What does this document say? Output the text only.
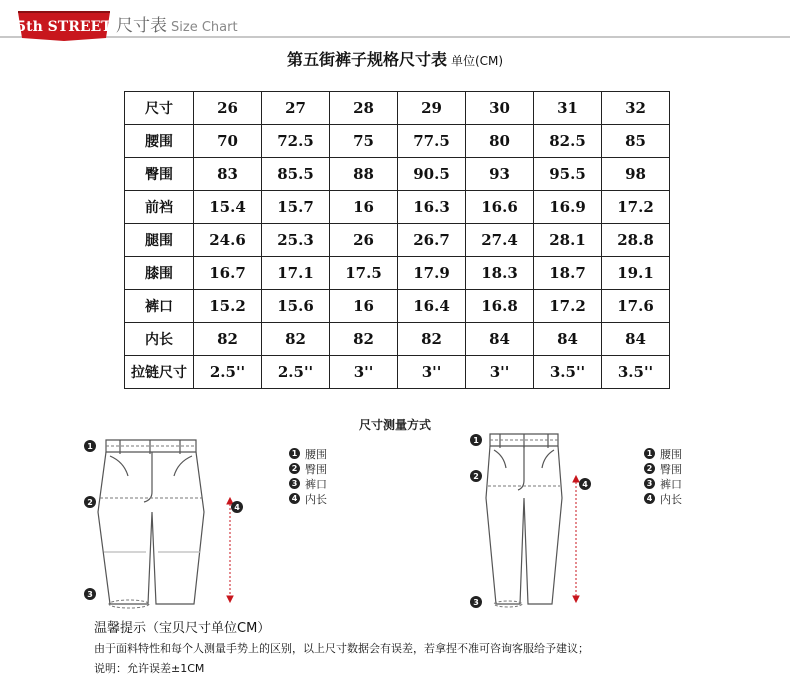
5th STREET 尺寸表 Size Chart
第五街裤子规格尺寸表 单位(CM)
尺寸	26	27	28	29	30	31	32
腰围	70	72.5	75	77.5	80	82.5	85
臀围	83	85.5	88	90.5	93	95.5	98
前裆	15.4	15.7	16	16.3	16.6	16.9	17.2
腿围	24.6	25.3	26	26.7	27.4	28.1	28.8
膝围	16.7	17.1	17.5	17.9	18.3	18.7	19.1
裤口	15.2	15.6	16	16.4	16.8	17.2	17.6
内长	82	82	82	82	84	84	84
拉链尺寸	2.5''	2.5''	3''	3''	3''	3.5''	3.5''
尺寸测量方式
1
2
3
4
1 腰围
2 臀围
3 裤口
4 内长
1
2
3
4
1 腰围
2 臀围
3 裤口
4 内长
温馨提示（宝贝尺寸单位CM）
由于面料特性和每个人测量手势上的区别，以上尺寸数据会有误差，若拿捏不准可咨询客服给予建议；
说明：允许误差±1CM
